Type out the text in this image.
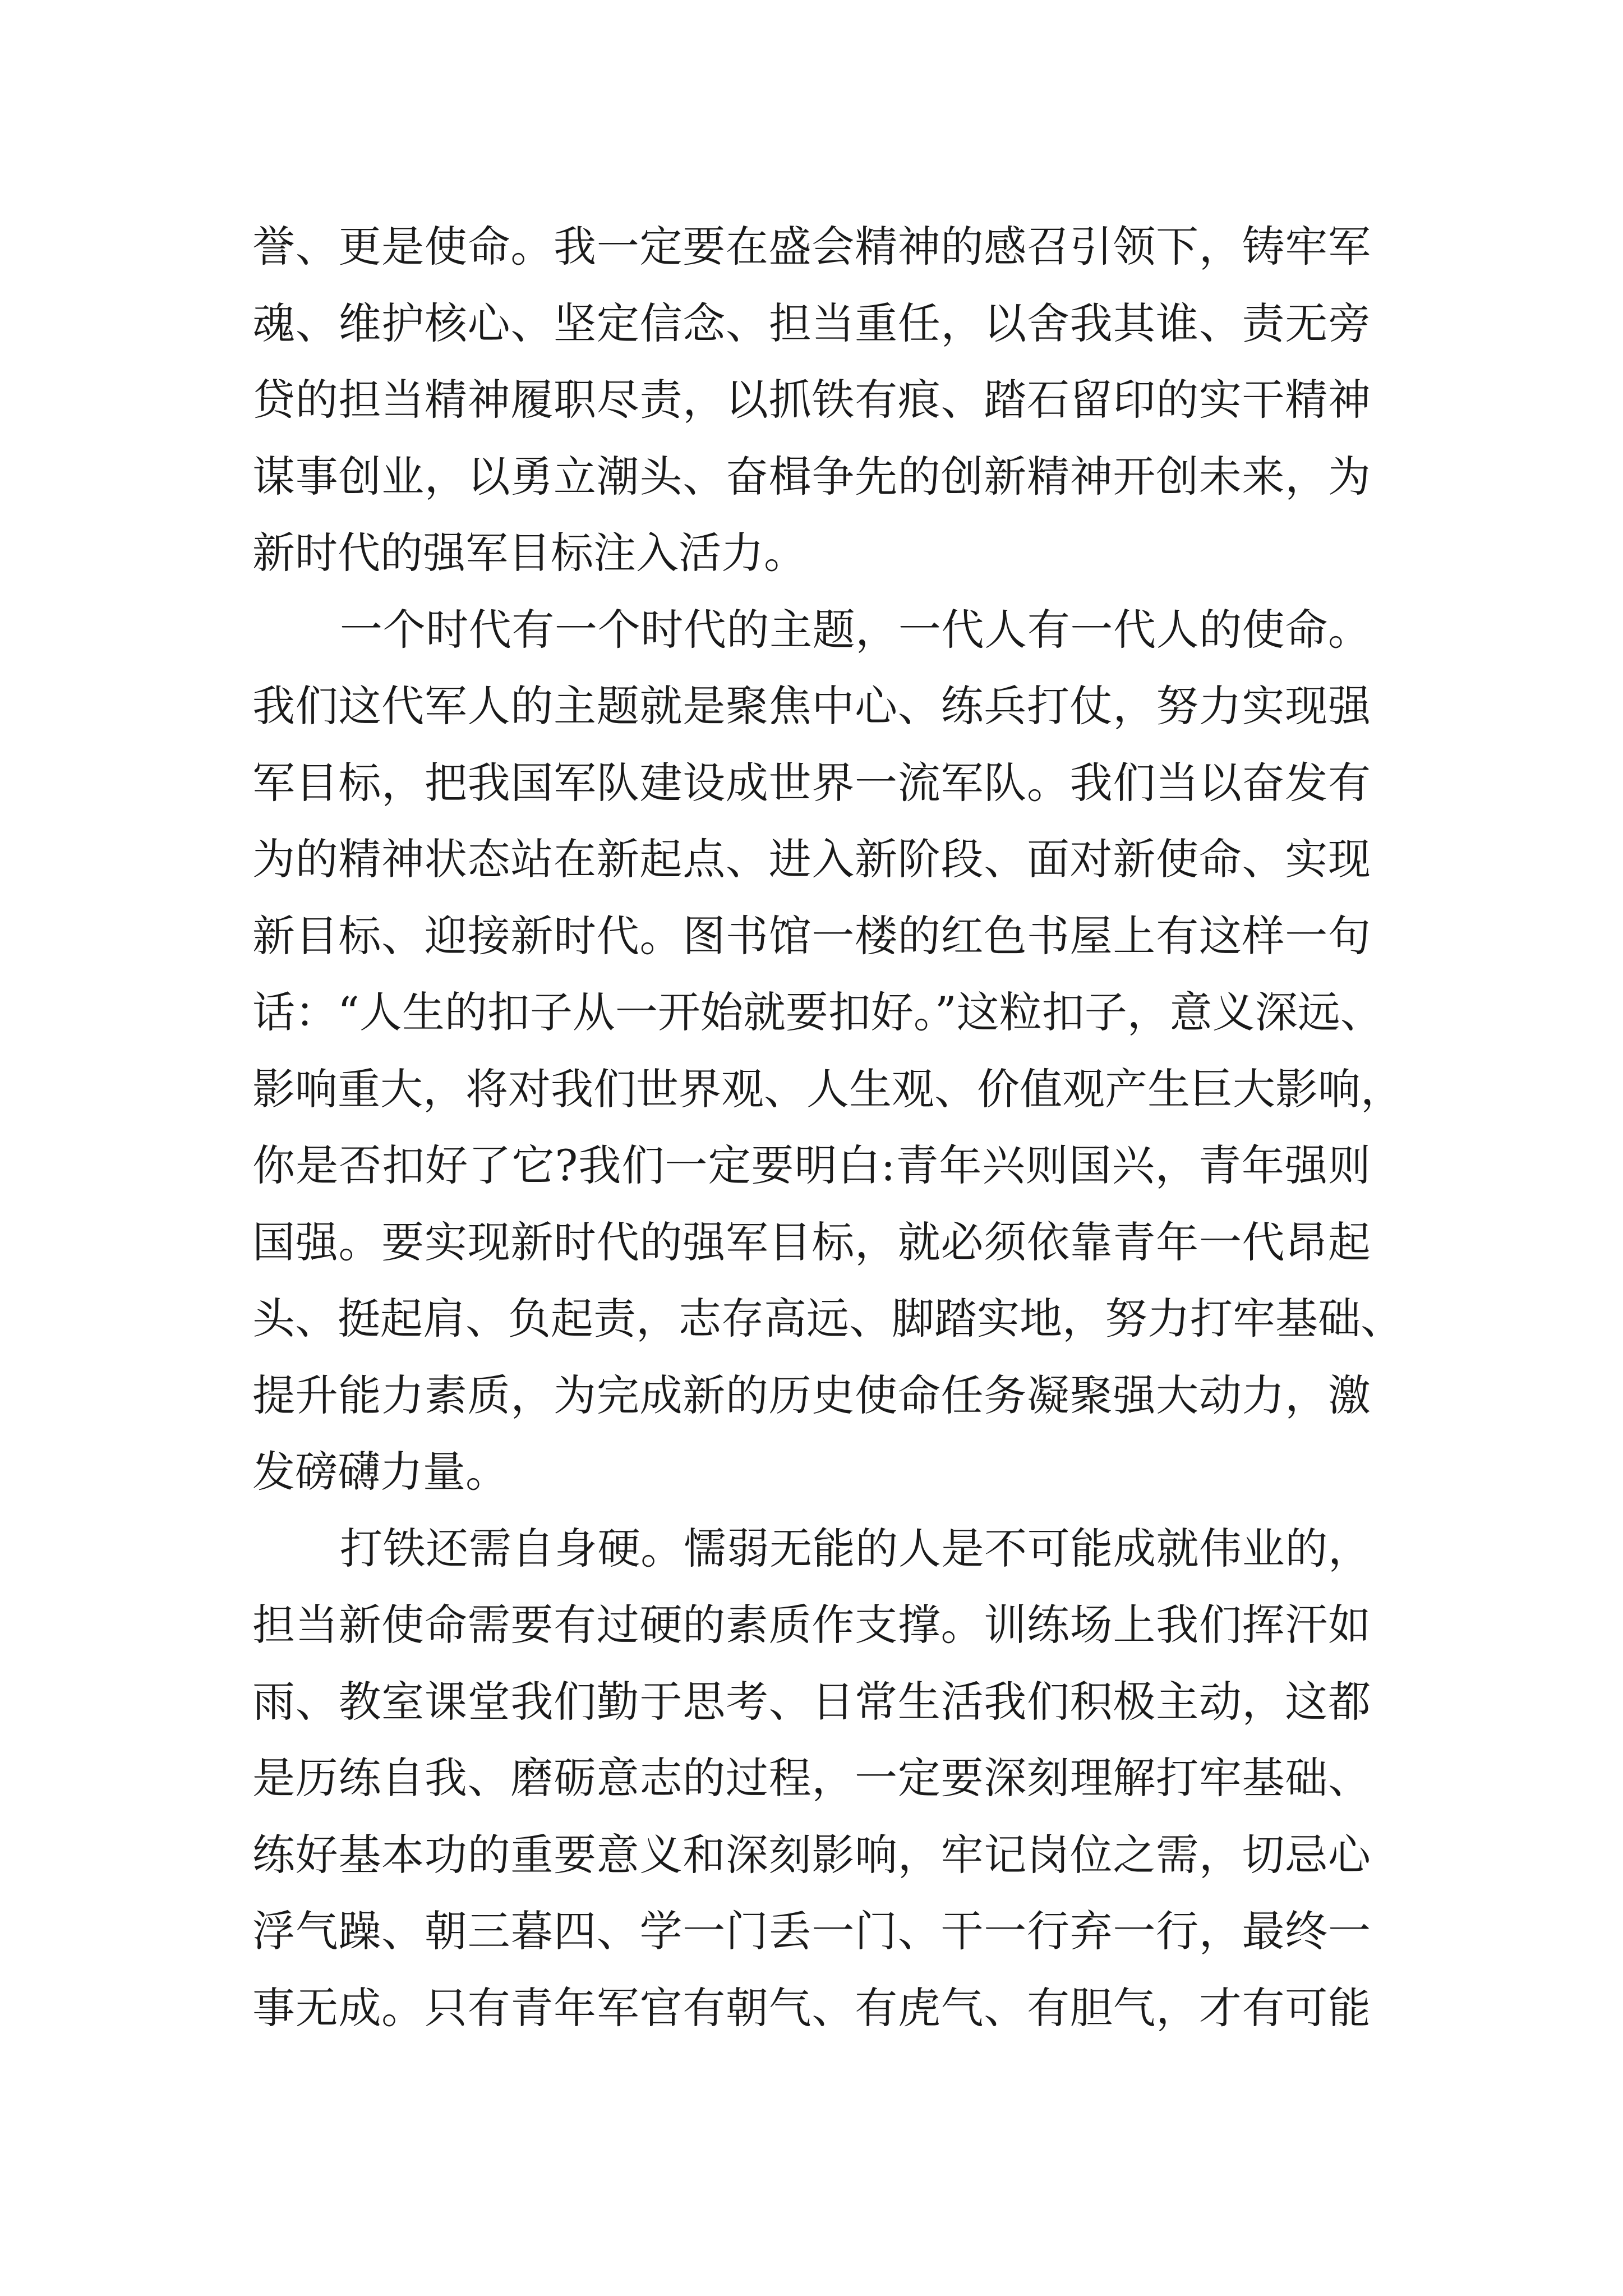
誉、更是使命。我一定要在盛会精神的感召引领下，铸牢军
魂、维护核心、坚定信念、担当重任，以舍我其谁、责无旁
贷的担当精神履职尽责，以抓铁有痕、踏石留印的实干精神
谋事创业，以勇立潮头、奋楫争先的创新精神开创未来，为
新时代的强军目标注入活力。
一个时代有一个时代的主题，一代人有一代人的使命。
我们这代军人的主题就是聚焦中心、练兵打仗，努力实现强
军目标，把我国军队建设成世界一流军队。我们当以奋发有
为的精神状态站在新起点、进入新阶段、面对新使命、实现
新目标、迎接新时代。图书馆一楼的红色书屋上有这样一句
话：“人生的扣子从一开始就要扣好。”这粒扣子，意义深远、
影响重大，将对我们世界观、人生观、价值观产生巨大影响，
你是否扣好了它?我们一定要明白:青年兴则国兴，青年强则
国强。要实现新时代的强军目标，就必须依靠青年一代昂起
头、挺起肩、负起责，志存高远、脚踏实地，努力打牢基础、
提升能力素质，为完成新的历史使命任务凝聚强大动力，激
发磅礴力量。
打铁还需自身硬。懦弱无能的人是不可能成就伟业的，
担当新使命需要有过硬的素质作支撑。训练场上我们挥汗如
雨、教室课堂我们勤于思考、日常生活我们积极主动，这都
是历练自我、磨砺意志的过程，一定要深刻理解打牢基础、
练好基本功的重要意义和深刻影响，牢记岗位之需，切忌心
浮气躁、朝三暮四、学一门丢一门、干一行弃一行，最终一
事无成。只有青年军官有朝气、有虎气、有胆气，才有可能
